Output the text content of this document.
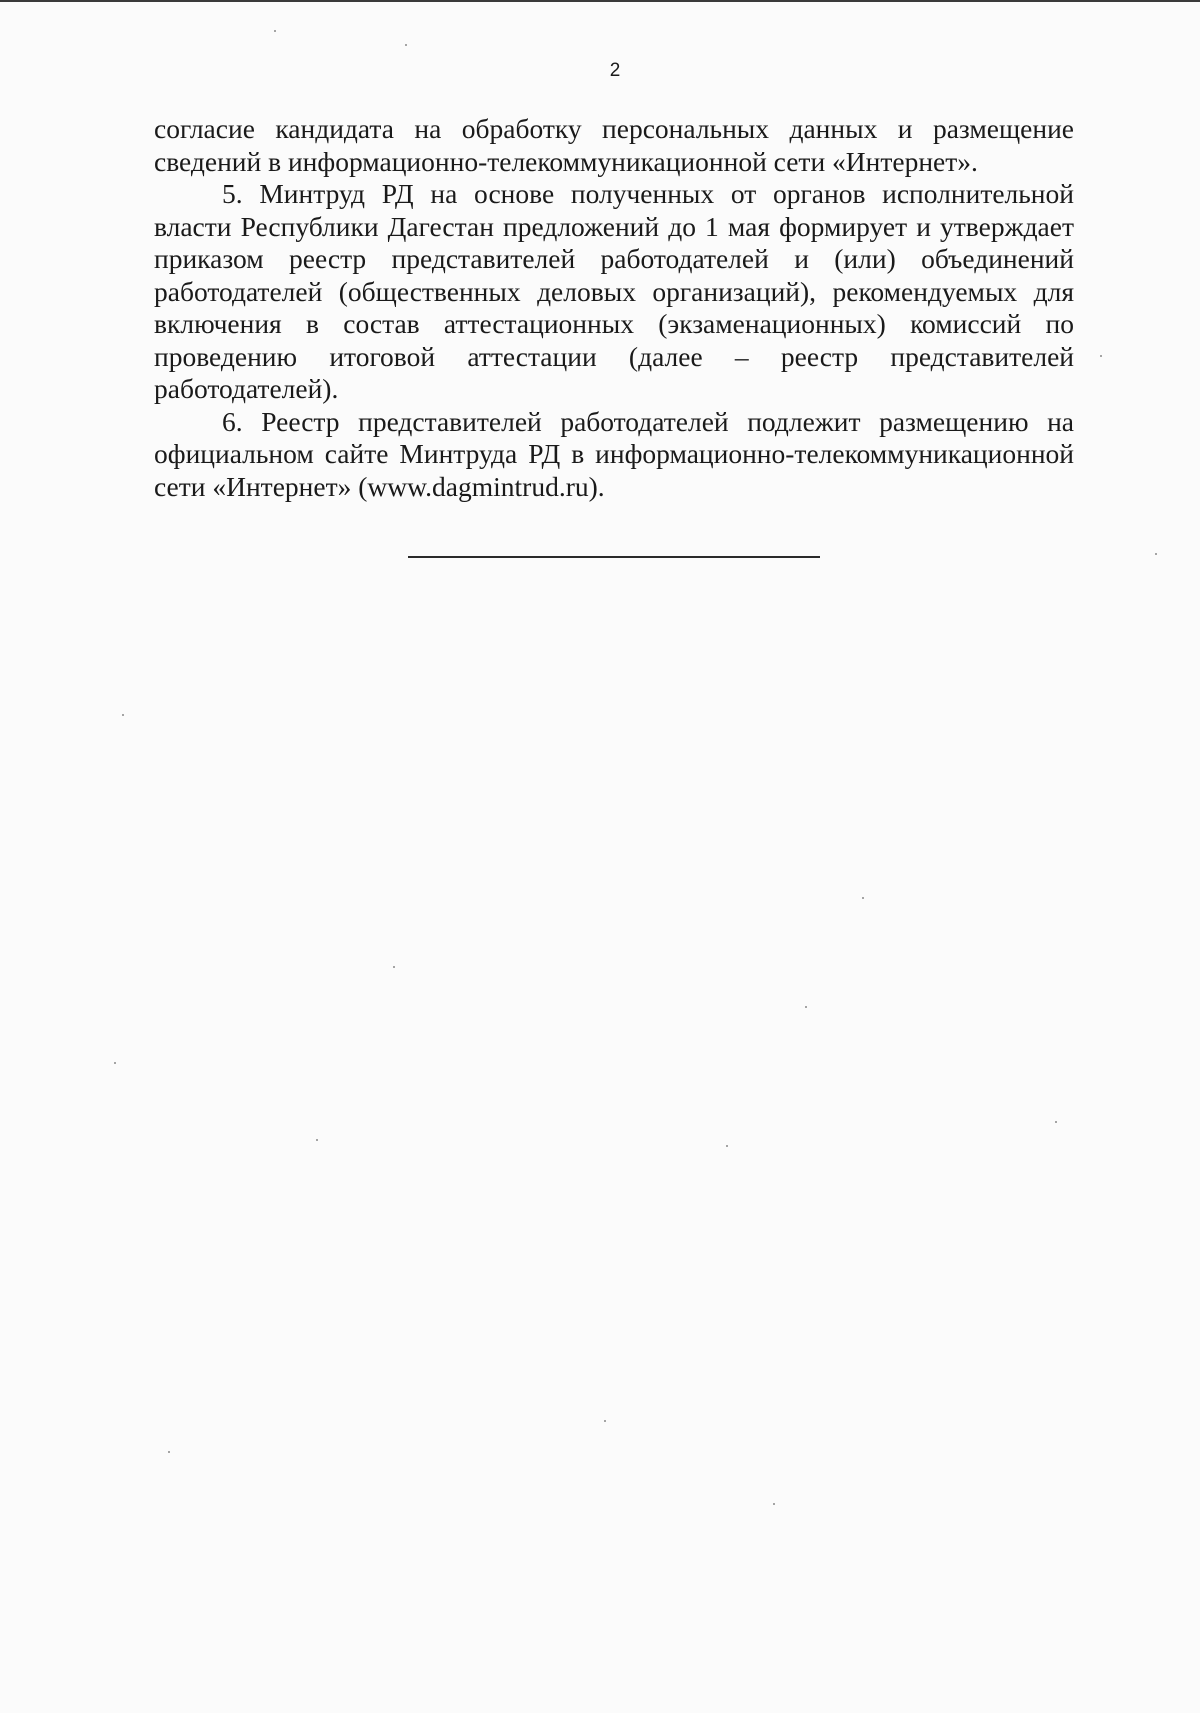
2

согласие кандидата на обработку персональных данных и размещение сведений в информационно-телекоммуникационной сети «Интернет».

5. Минтруд РД на основе полученных от органов исполнительной власти Республики Дагестан предложений до 1 мая формирует и утверждает приказом реестр представителей работодателей и (или) объединений работодателей (общественных деловых организаций), рекомендуемых для включения в состав аттестационных (экзаменационных) комиссий по проведению итоговой аттестации (далее – реестр представителей работодателей).

6. Реестр представителей работодателей подлежит размещению на официальном сайте Минтруда РД в информационно-телекоммуникационной сети «Интернет» (www.dagmintrud.ru).
